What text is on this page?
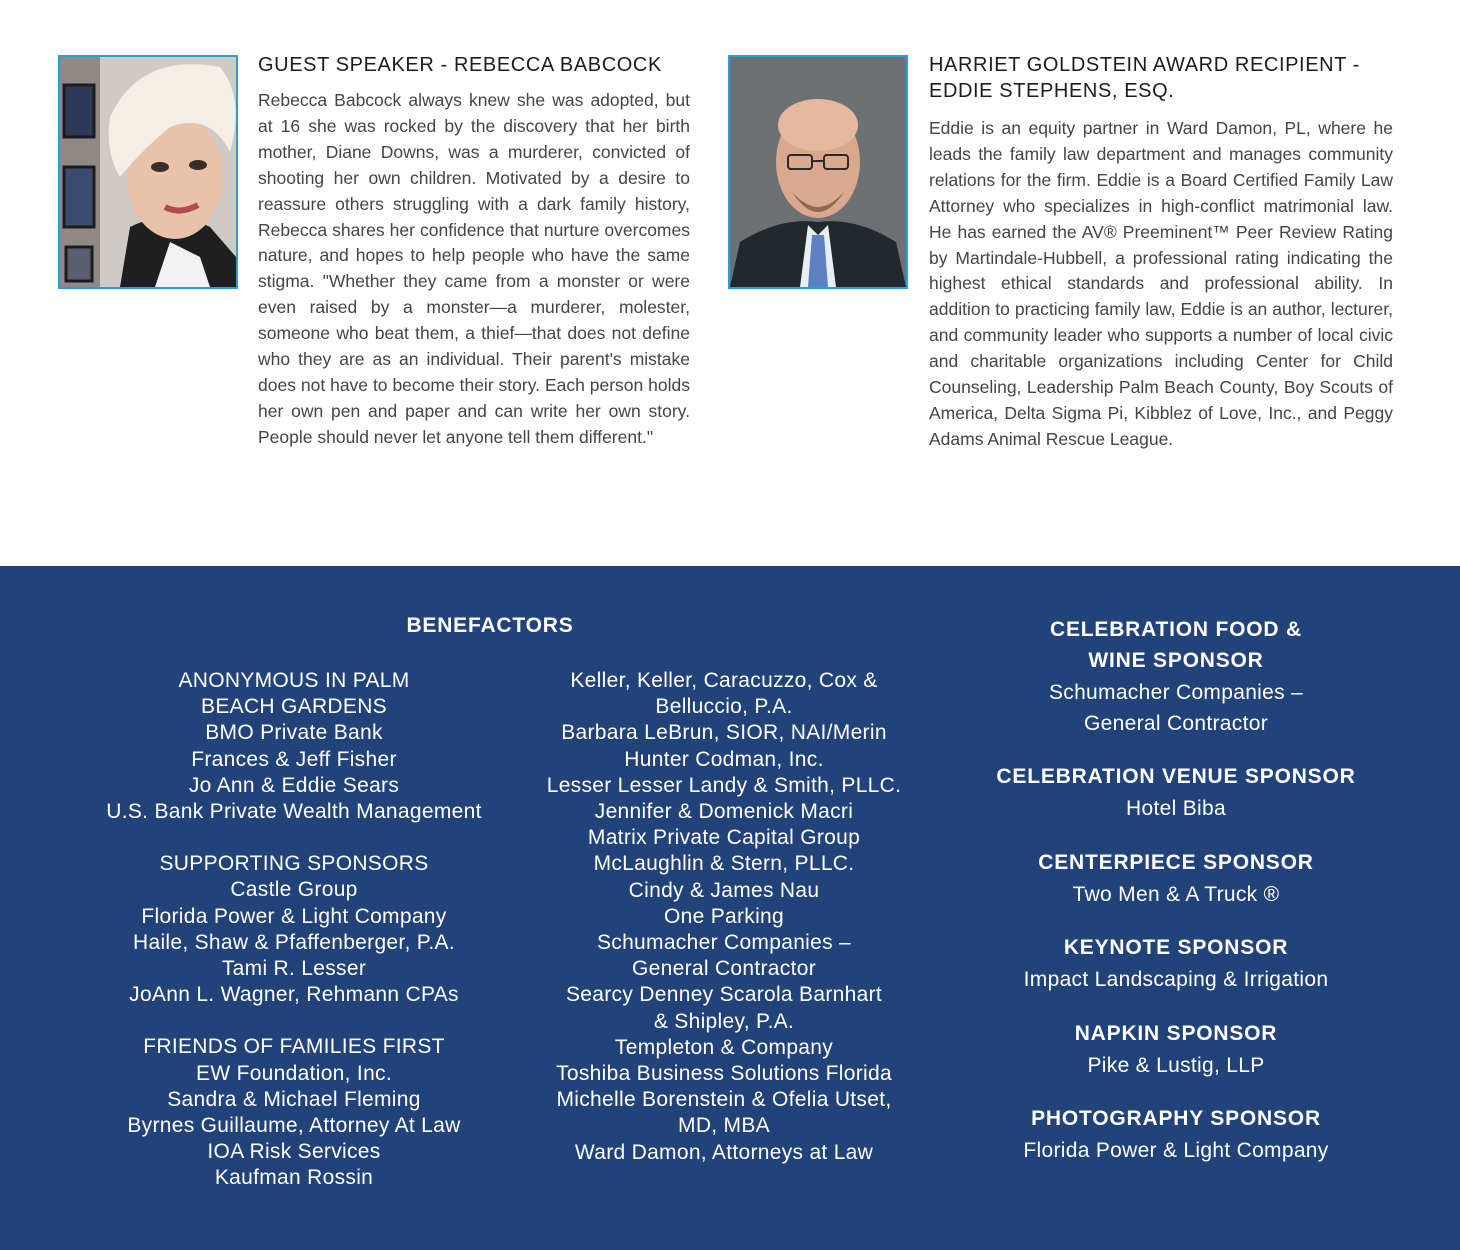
GUEST SPEAKER - REBECCA BABCOCK

Rebecca Babcock always knew she was adopted, but at 16 she was rocked by the discovery that her birth mother, Diane Downs, was a murderer, convicted of shooting her own children. Motivated by a desire to reassure others struggling with a dark family history, Rebecca shares her confidence that nurture overcomes nature, and hopes to help people who have the same stigma. "Whether they came from a monster or were even raised by a monster—a murderer, molester, someone who beat them, a thief—that does not define who they are as an individual. Their parent's mistake does not have to become their story. Each person holds her own pen and paper and can write her own story. People should never let anyone tell them different."

HARRIET GOLDSTEIN AWARD RECIPIENT -
EDDIE STEPHENS, ESQ.

Eddie is an equity partner in Ward Damon, PL, where he leads the family law department and manages community relations for the firm. Eddie is a Board Certified Family Law Attorney who specializes in high-conflict matrimonial law. He has earned the AV® Preeminent™ Peer Review Rating by Martindale-Hubbell, a professional rating indicating the highest ethical standards and professional ability. In addition to practicing family law, Eddie is an author, lecturer, and community leader who supports a number of local civic and charitable organizations including Center for Child Counseling, Leadership Palm Beach County, Boy Scouts of America, Delta Sigma Pi, Kibblez of Love, Inc., and Peggy Adams Animal Rescue League.

BENEFACTORS
ANONYMOUS IN PALM
BEACH GARDENS
BMO Private Bank
Frances & Jeff Fisher
Jo Ann & Eddie Sears
U.S. Bank Private Wealth Management
SUPPORTING SPONSORS
Castle Group
Florida Power & Light Company
Haile, Shaw & Pfaffenberger, P.A.
Tami R. Lesser
JoAnn L. Wagner, Rehmann CPAs
FRIENDS OF FAMILIES FIRST
EW Foundation, Inc.
Sandra & Michael Fleming
Byrnes Guillaume, Attorney At Law
IOA Risk Services
Kaufman Rossin
Keller, Keller, Caracuzzo, Cox &
Belluccio, P.A.
Barbara LeBrun, SIOR, NAI/Merin
Hunter Codman, Inc.
Lesser Lesser Landy & Smith, PLLC.
Jennifer & Domenick Macri
Matrix Private Capital Group
McLaughlin & Stern, PLLC.
Cindy & James Nau
One Parking
Schumacher Companies –
General Contractor
Searcy Denney Scarola Barnhart
& Shipley, P.A.
Templeton & Company
Toshiba Business Solutions Florida
Michelle Borenstein & Ofelia Utset,
MD, MBA
Ward Damon, Attorneys at Law
CELEBRATION FOOD &
WINE SPONSOR
Schumacher Companies –
General Contractor
CELEBRATION VENUE SPONSOR
Hotel Biba
CENTERPIECE SPONSOR
Two Men & A Truck ®
KEYNOTE SPONSOR
Impact Landscaping & Irrigation
NAPKIN SPONSOR
Pike & Lustig, LLP
PHOTOGRAPHY SPONSOR
Florida Power & Light Company
